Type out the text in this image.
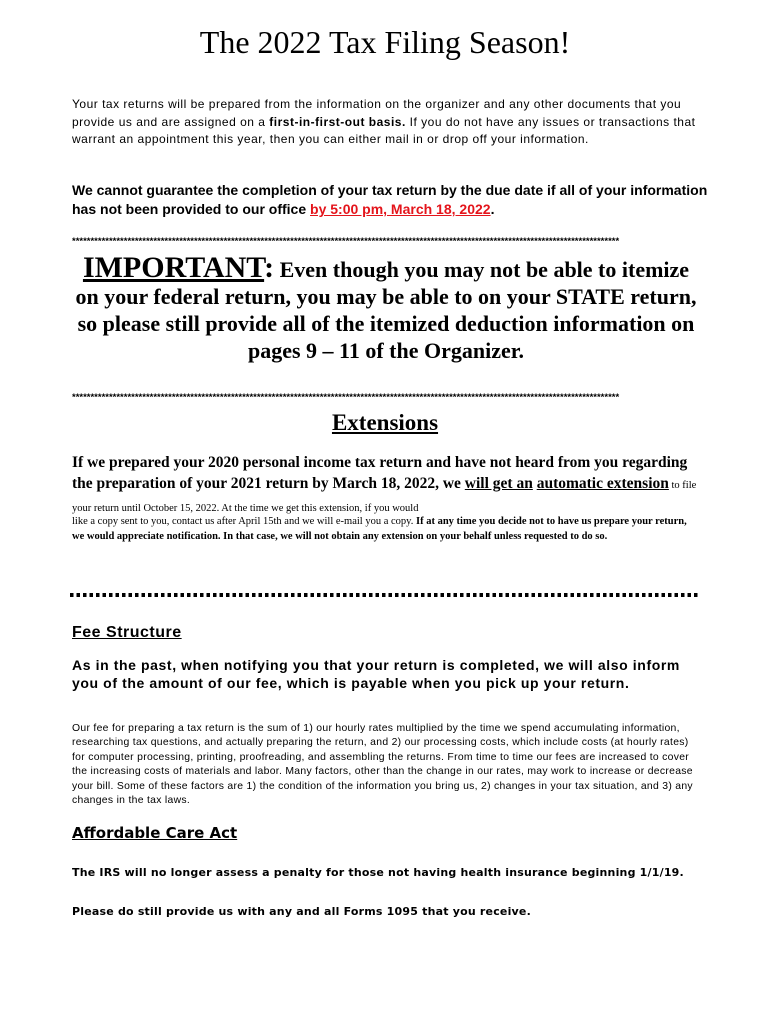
The 2022 Tax Filing Season!

Your tax returns will be prepared from the information on the organizer and any other documents that you provide us and are assigned on a first-in-first-out basis. If you do not have any issues or transactions that warrant an appointment this year, then you can either mail in or drop off your information.

We cannot guarantee the completion of your tax return by the due date if all of your information has not been provided to our office by 5:00 pm, March 18, 2022.

****************************************************************************************************************************************************

IMPORTANT: Even though you may not be able to itemize on your federal return, you may be able to on your STATE return, so please still provide all of the itemized deduction information on pages 9 – 11 of the Organizer.

****************************************************************************************************************************************************

Extensions

If we prepared your 2020 personal income tax return and have not heard from you regarding the preparation of your 2021 return by March 18, 2022, we will get an automatic extension to file your return until October 15, 2022. At the time we get this extension, if you would

like a copy sent to you, contact us after April 15th and we will e-mail you a copy. If at any time you decide not to have us prepare your return, we would appreciate notification. In that case, we will not obtain any extension on your behalf unless requested to do so.

Fee Structure

As in the past, when notifying you that your return is completed, we will also inform you of the amount of our fee, which is payable when you pick up your return.

Our fee for preparing a tax return is the sum of 1) our hourly rates multiplied by the time we spend accumulating information, researching tax questions, and actually preparing the return, and 2) our processing costs, which include costs (at hourly rates) for computer processing, printing, proofreading, and assembling the returns. From time to time our fees are increased to cover the increasing costs of materials and labor. Many factors, other than the change in our rates, may work to increase or decrease your bill. Some of these factors are 1) the condition of the information you bring us, 2) changes in your tax situation, and 3) any changes in the tax laws.

Affordable Care Act

The IRS will no longer assess a penalty for those not having health insurance beginning 1/1/19.

Please do still provide us with any and all Forms 1095 that you receive.
